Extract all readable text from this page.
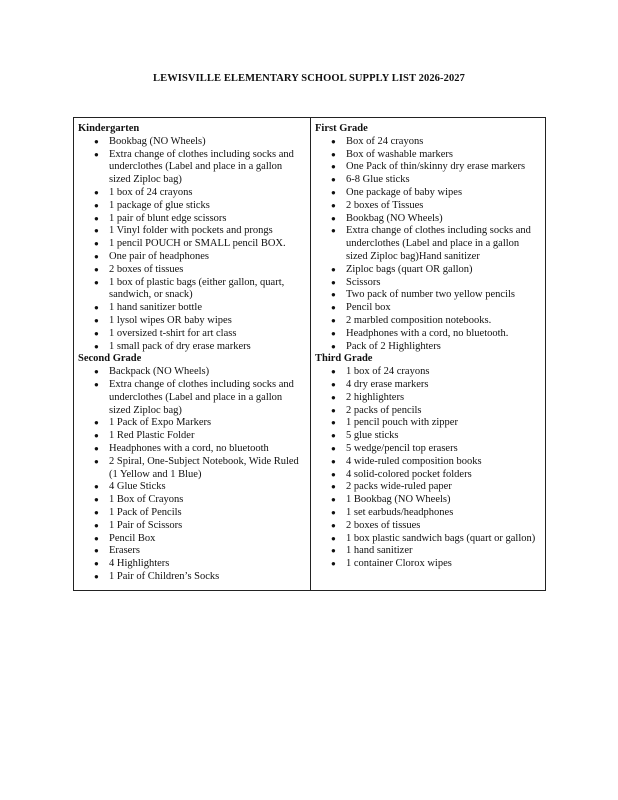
LEWISVILLE ELEMENTARY SCHOOL SUPPLY LIST 2026-2027
Kindergarten
● Bookbag (NO Wheels)
● Extra change of clothes including socks and underclothes (Label and place in a gallon sized Ziploc bag)
● 1 box of 24 crayons
● 1 package of glue sticks
● 1 pair of blunt edge scissors
● 1 Vinyl folder with pockets and prongs
● 1 pencil POUCH or SMALL pencil BOX.
● One pair of headphones
● 2 boxes of tissues
● 1 box of plastic bags (either gallon, quart, sandwich, or snack)
● 1 hand sanitizer bottle
● 1 lysol wipes OR baby wipes
● 1 oversized t-shirt for art class
● 1 small pack of dry erase markers
Second Grade
● Backpack (NO Wheels)
● Extra change of clothes including socks and underclothes (Label and place in a gallon sized Ziploc bag)
● 1 Pack of Expo Markers
● 1 Red Plastic Folder
● Headphones with a cord, no bluetooth
● 2 Spiral, One-Subject Notebook, Wide Ruled (1 Yellow and 1 Blue)
● 4 Glue Sticks
● 1 Box of Crayons
● 1 Pack of Pencils
● 1 Pair of Scissors
● Pencil Box
● Erasers
● 4 Highlighters
● 1 Pair of Children’s Socks
First Grade
● Box of 24 crayons
● Box of washable markers
● One Pack of thin/skinny dry erase markers
● 6-8 Glue sticks
● One package of baby wipes
● 2 boxes of Tissues
● Bookbag (NO Wheels)
● Extra change of clothes including socks and underclothes (Label and place in a gallon sized Ziploc bag)Hand sanitizer
● Ziploc bags (quart OR gallon)
● Scissors
● Two pack of number two yellow pencils
● Pencil box
● 2 marbled composition notebooks.
● Headphones with a cord, no bluetooth.
● Pack of 2 Highlighters
Third Grade
● 1 box of 24 crayons
● 4 dry erase markers
● 2 highlighters
● 2 packs of pencils
● 1 pencil pouch with zipper
● 5 glue sticks
● 5 wedge/pencil top erasers
● 4 wide-ruled composition books
● 4 solid-colored pocket folders
● 2 packs wide-ruled paper
● 1 Bookbag (NO Wheels)
● 1 set earbuds/headphones
● 2 boxes of tissues
● 1 box plastic sandwich bags (quart or gallon)
● 1 hand sanitizer
● 1 container Clorox wipes
